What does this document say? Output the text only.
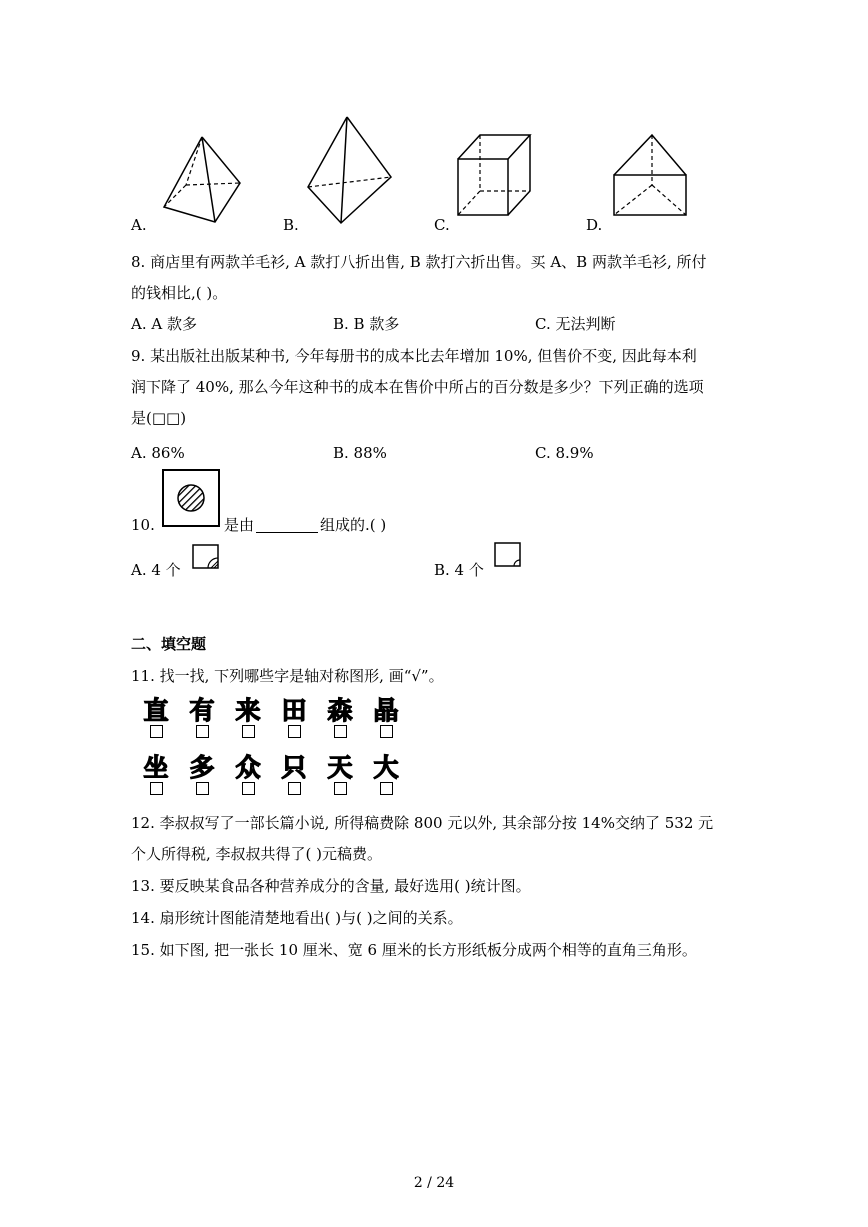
A.	B.	C.	D.
8. 商店里有两款羊毛衫, A 款打八折出售, B 款打六折出售。买 A、B 两款羊毛衫, 所付
的钱相比,( )。
A. A 款多	B. B 款多	C. 无法判断
9. 某出版社出版某种书, 今年每册书的成本比去年增加 10%, 但售价不变, 因此每本利
润下降了 40%, 那么今年这种书的成本在售价中所占的百分数是多少？下列正确的选项
是(□□)
A. 86%	B. 88%	C. 8.9%
10.	是由	组成的.( )
A. 4 个	B. 4 个
二、填空题
11. 找一找, 下列哪些字是轴对称图形, 画“√”。
直 有 来 田 森 晶
坐 多 众 只 天 大
12. 李叔叔写了一部长篇小说, 所得稿费除 800 元以外, 其余部分按 14%交纳了 532 元
个人所得税, 李叔叔共得了( )元稿费。
13. 要反映某食品各种营养成分的含量, 最好选用( )统计图。
14. 扇形统计图能清楚地看出( )与( )之间的关系。
15. 如下图, 把一张长 10 厘米、宽 6 厘米的长方形纸板分成两个相等的直角三角形。
2 / 24
